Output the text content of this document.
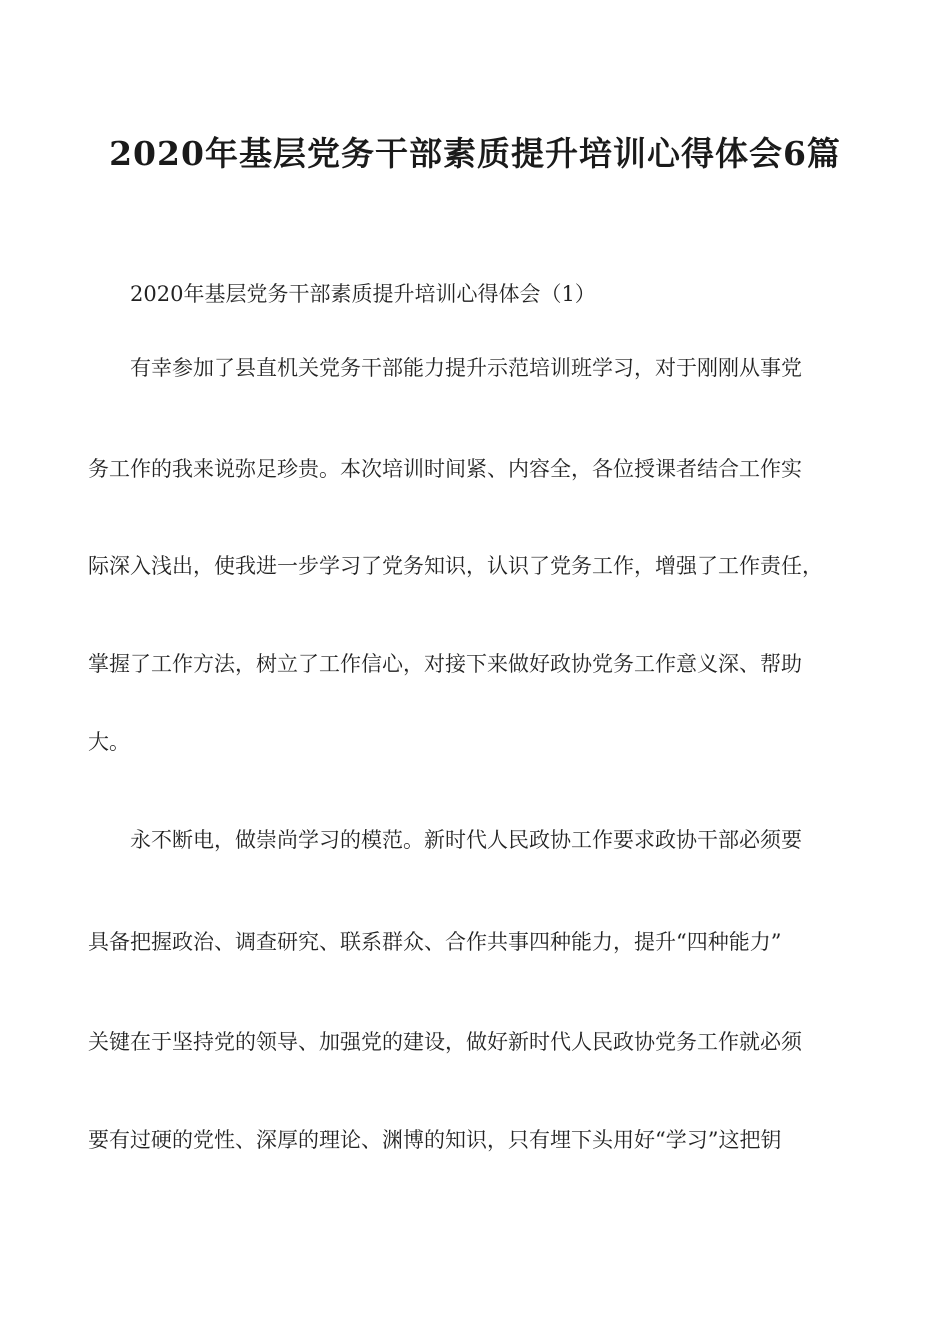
2020年基层党务干部素质提升培训心得体会6篇
2020年基层党务干部素质提升培训心得体会（1）
有幸参加了县直机关党务干部能力提升示范培训班学习，对于刚刚从事党
务工作的我来说弥足珍贵。本次培训时间紧、内容全，各位授课者结合工作实
际深入浅出，使我进一步学习了党务知识，认识了党务工作，增强了工作责任，
掌握了工作方法，树立了工作信心，对接下来做好政协党务工作意义深、帮助
大。
永不断电，做崇尚学习的模范。新时代人民政协工作要求政协干部必须要
具备把握政治、调查研究、联系群众、合作共事四种能力，提升“四种能力”
关键在于坚持党的领导、加强党的建设，做好新时代人民政协党务工作就必须
要有过硬的党性、深厚的理论、渊博的知识，只有埋下头用好“学习”这把钥
